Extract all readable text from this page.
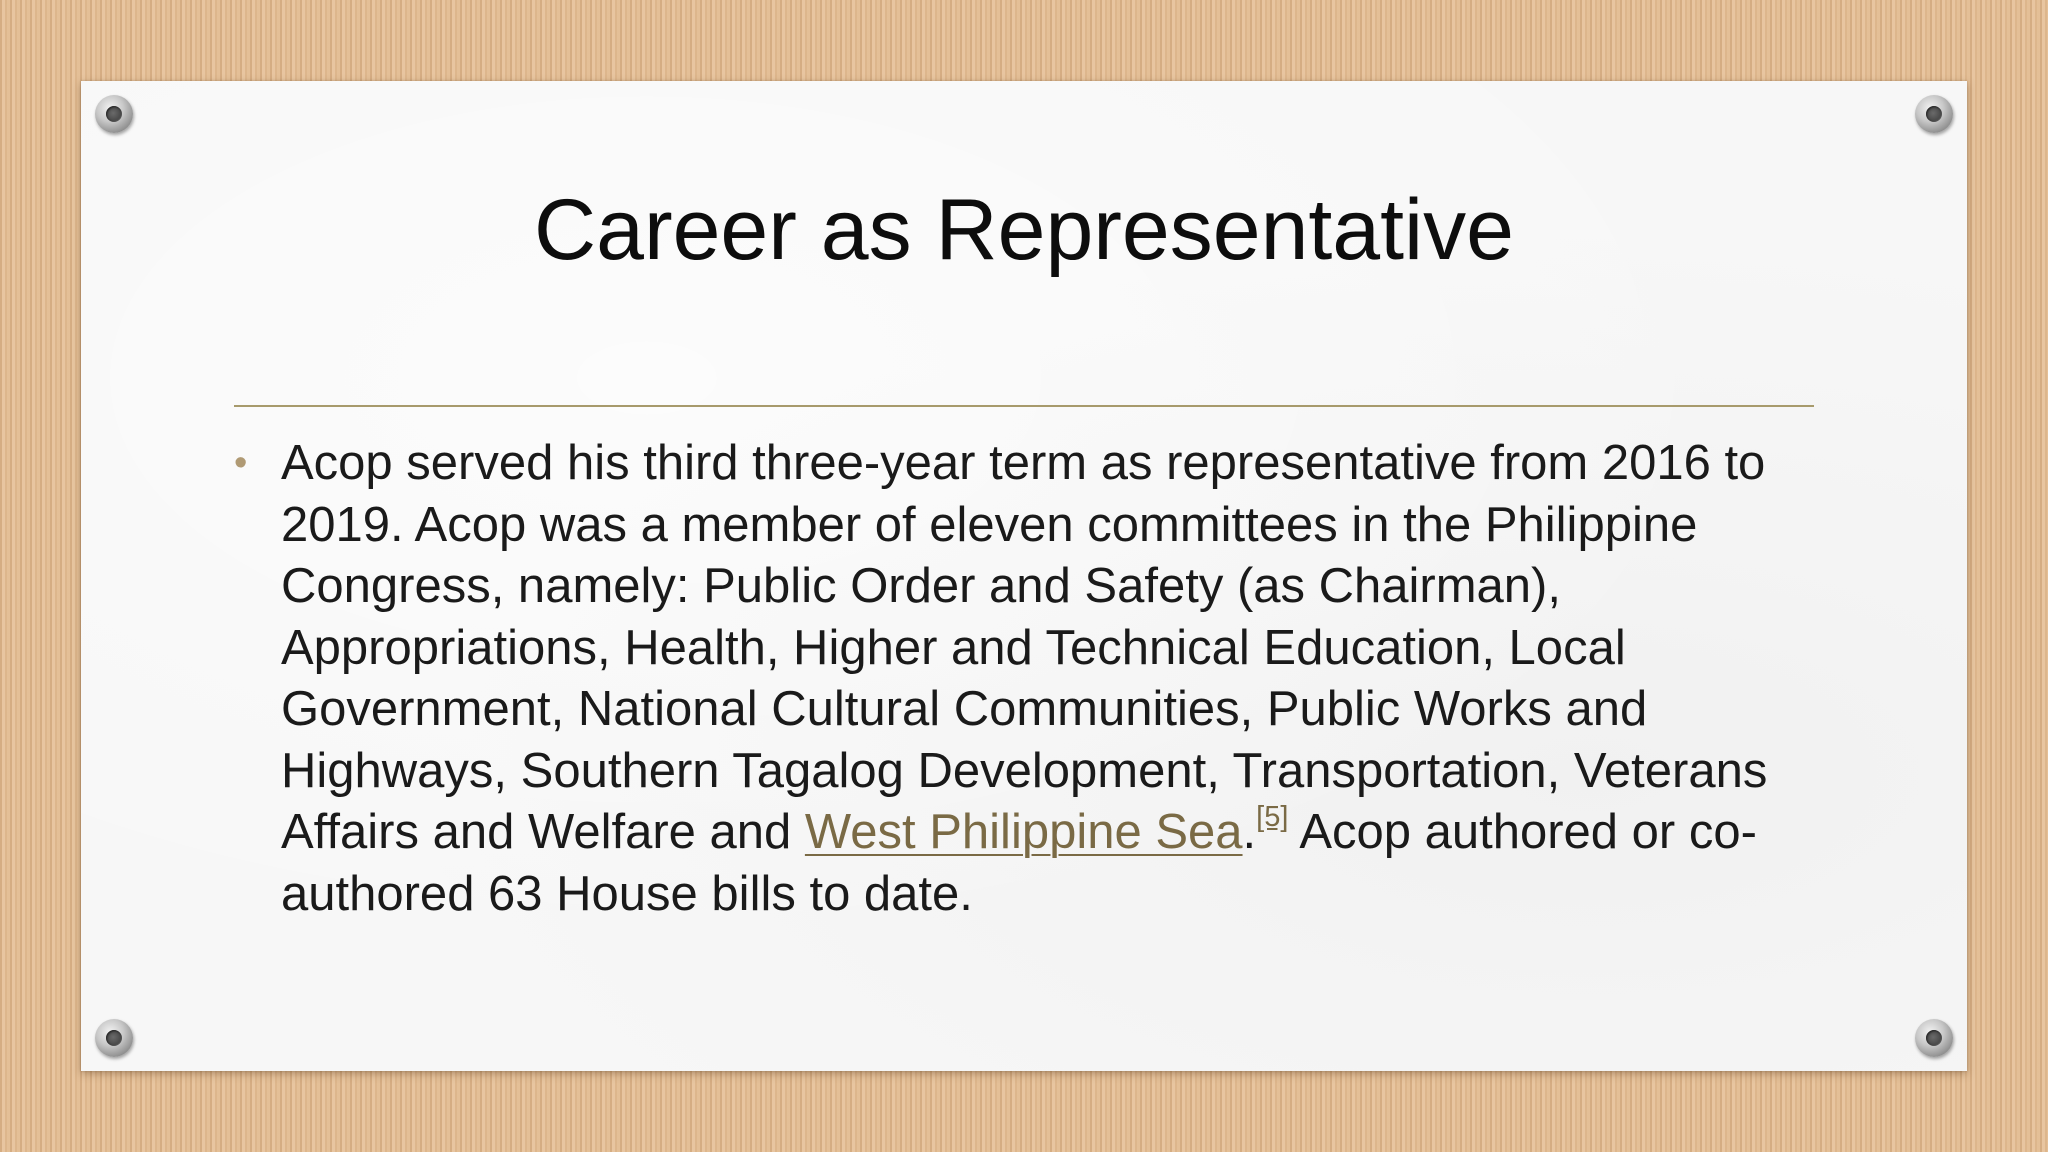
Career as Representative

• Acop served his third three-year term as representative from 2016 to 2019. Acop was a member of eleven committees in the Philippine Congress, namely: Public Order and Safety (as Chairman), Appropriations, Health, Higher and Technical Education, Local Government, National Cultural Communities, Public Works and Highways, Southern Tagalog Development, Transportation, Veterans Affairs and Welfare and West Philippine Sea.[5] Acop authored or co-authored 63 House bills to date.
